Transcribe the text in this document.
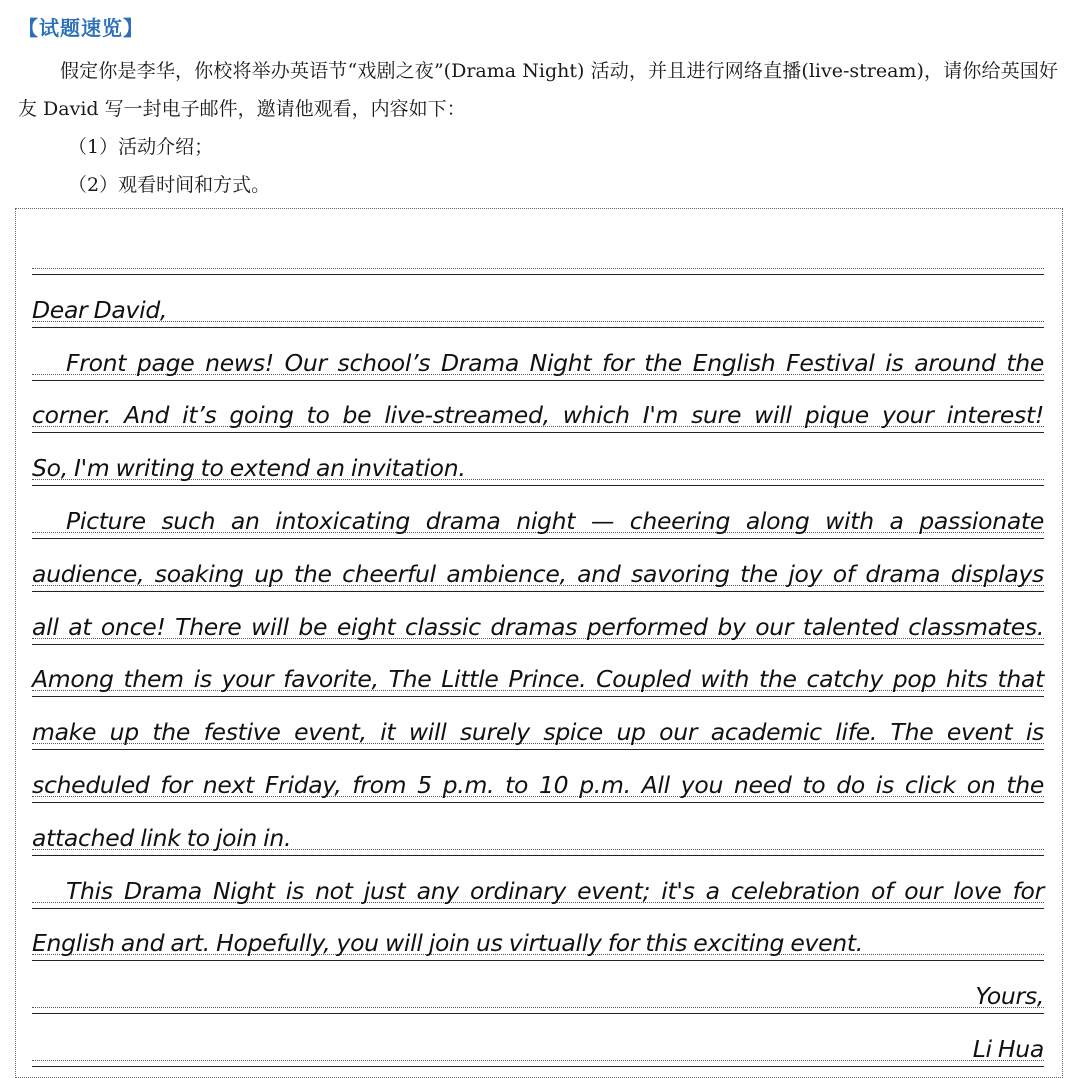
【试题速览】

假定你是李华，你校将举办英语节“戏剧之夜”(Drama Night) 活动，并且进行网络直播(live-stream)，请你给英国好友 David 写一封电子邮件，邀请他观看，内容如下：

（1）活动介绍；

（2）观看时间和方式。

Dear David,
Front page news! Our school’s Drama Night for the English Festival is around the
corner. And it’s going to be live-streamed, which I'm sure will pique your interest!
So, I'm writing to extend an invitation.
Picture such an intoxicating drama night — cheering along with a passionate
audience, soaking up the cheerful ambience, and savoring the joy of drama displays
all at once! There will be eight classic dramas performed by our talented classmates.
Among them is your favorite, The Little Prince. Coupled with the catchy pop hits that
make up the festive event, it will surely spice up our academic life. The event is
scheduled for next Friday, from 5 p.m. to 10 p.m. All you need to do is click on the
attached link to join in.
This Drama Night is not just any ordinary event; it's a celebration of our love for
English and art. Hopefully, you will join us virtually for this exciting event.
Yours,
Li Hua
